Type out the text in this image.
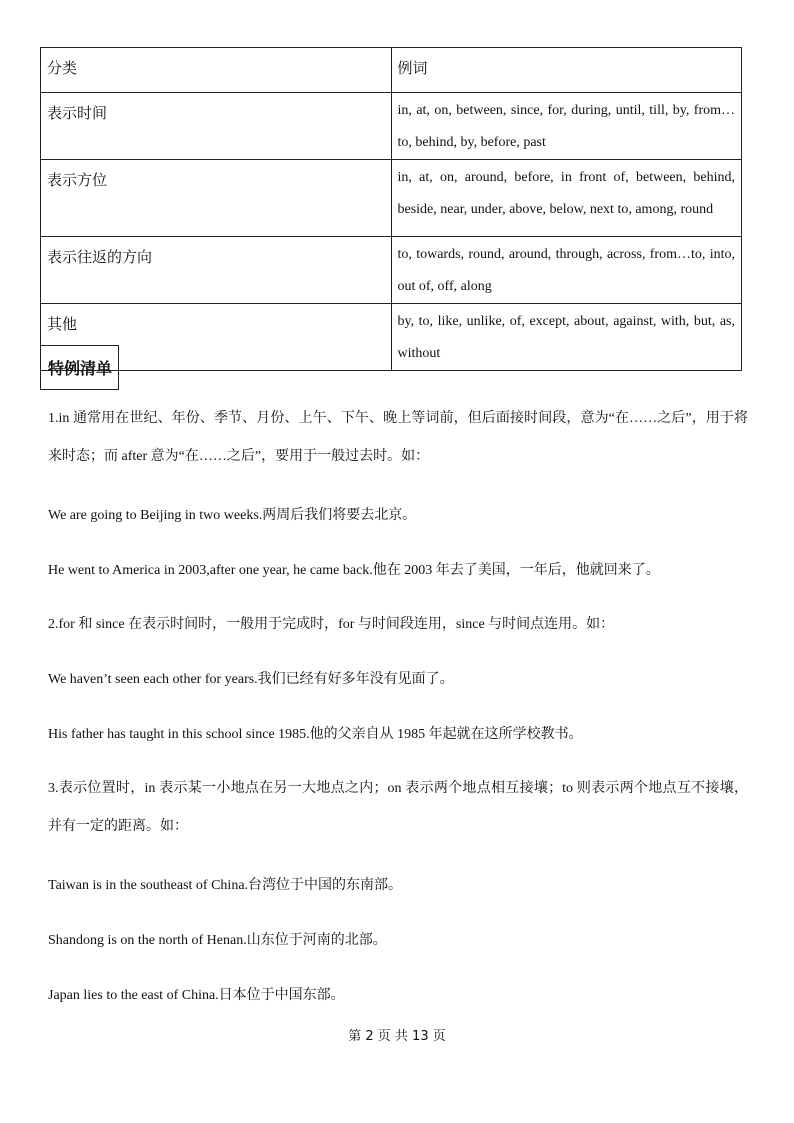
分类	例词
表示时间	in, at, on, between, since, for, during, until, till, by, from…to, behind, by, before, past

表示方位	in, at, on, around, before, in front of, between, behind, beside, near, under, above, below, next to, among, round

表示往返的方向	to, towards, round, around, through, across, from…to, into, out of, off, along

其他	by, to, like, unlike, of, except, about, against, with, but, as, without
特例清单
1.in 通常用在世纪、年份、季节、月份、上午、下午、晚上等词前，但后面接时间段，意为“在……之后”，用于将来时态；而 after 意为“在……之后”，要用于一般过去时。如：
We are going to Beijing in two weeks.两周后我们将要去北京。
He went to America in 2003,after one year, he came back.他在 2003 年去了美国，一年后，他就回来了。
2.for 和 since 在表示时间时，一般用于完成时，for 与时间段连用，since 与时间点连用。如：
We haven’t seen each other for years.我们已经有好多年没有见面了。
His father has taught in this school since 1985.他的父亲自从 1985 年起就在这所学校教书。
3.表示位置时，in 表示某一小地点在另一大地点之内；on 表示两个地点相互接壤；to 则表示两个地点互不接壤，并有一定的距离。如：
Taiwan is in the southeast of China.台湾位于中国的东南部。
Shandong is on the north of Henan.山东位于河南的北部。
Japan lies to the east of China.日本位于中国东部。
第 2 页 共 13 页
